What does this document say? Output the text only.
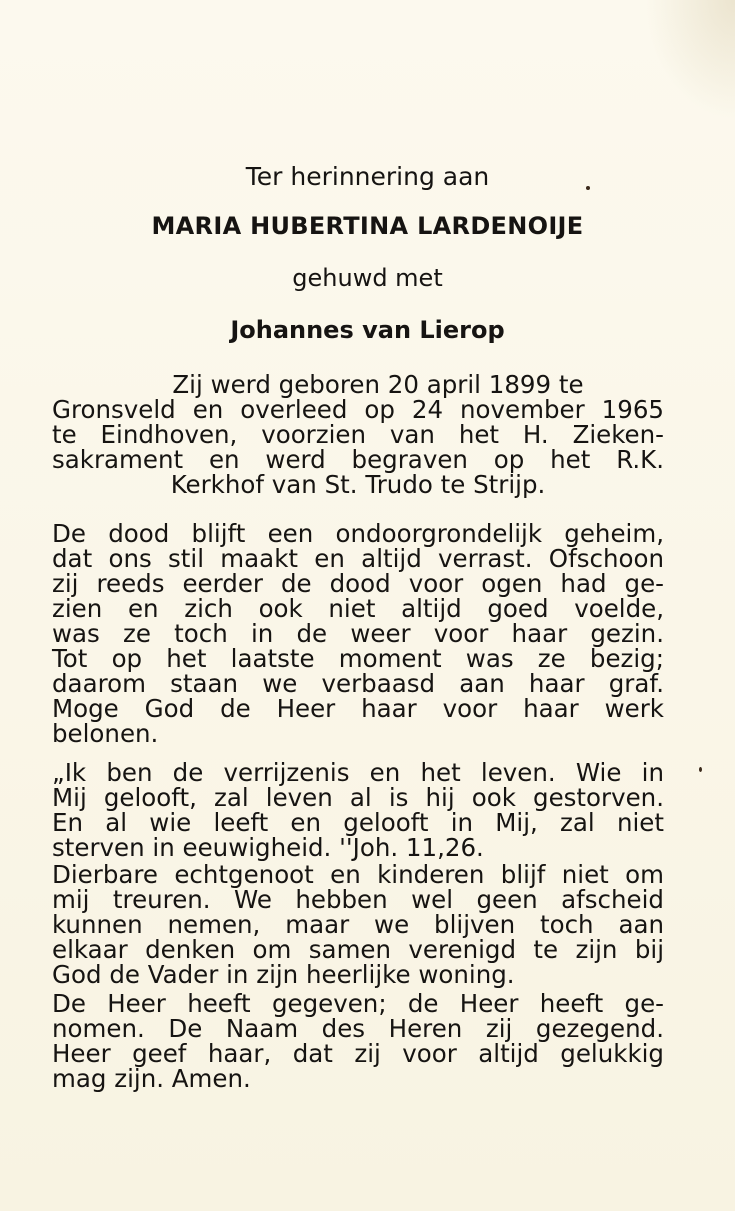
Ter herinnering aan
MARIA HUBERTINA LARDENOIJE
gehuwd met
Johannes van Lierop
Zij werd geboren 20 april 1899 te
Gronsveld en overleed op 24 november 1965
te Eindhoven, voorzien van het H. Zieken-
sakrament en werd begraven op het R.K.
Kerkhof van St. Trudo te Strijp.
De dood blijft een ondoorgrondelijk geheim,
dat ons stil maakt en altijd verrast. Ofschoon
zij reeds eerder de dood voor ogen had ge-
zien en zich ook niet altijd goed voelde,
was ze toch in de weer voor haar gezin.
Tot op het laatste moment was ze bezig;
daarom staan we verbaasd aan haar graf.
Moge God de Heer haar voor haar werk
belonen.
„Ik ben de verrijzenis en het leven. Wie in
Mij gelooft, zal leven al is hij ook gestorven.
En al wie leeft en gelooft in Mij, zal niet
sterven in eeuwigheid. ''Joh. 11,26.
Dierbare echtgenoot en kinderen blijf niet om
mij treuren. We hebben wel geen afscheid
kunnen nemen, maar we blijven toch aan
elkaar denken om samen verenigd te zijn bij
God de Vader in zijn heerlijke woning.
De Heer heeft gegeven; de Heer heeft ge-
nomen. De Naam des Heren zij gezegend.
Heer geef haar, dat zij voor altijd gelukkig
mag zijn. Amen.
